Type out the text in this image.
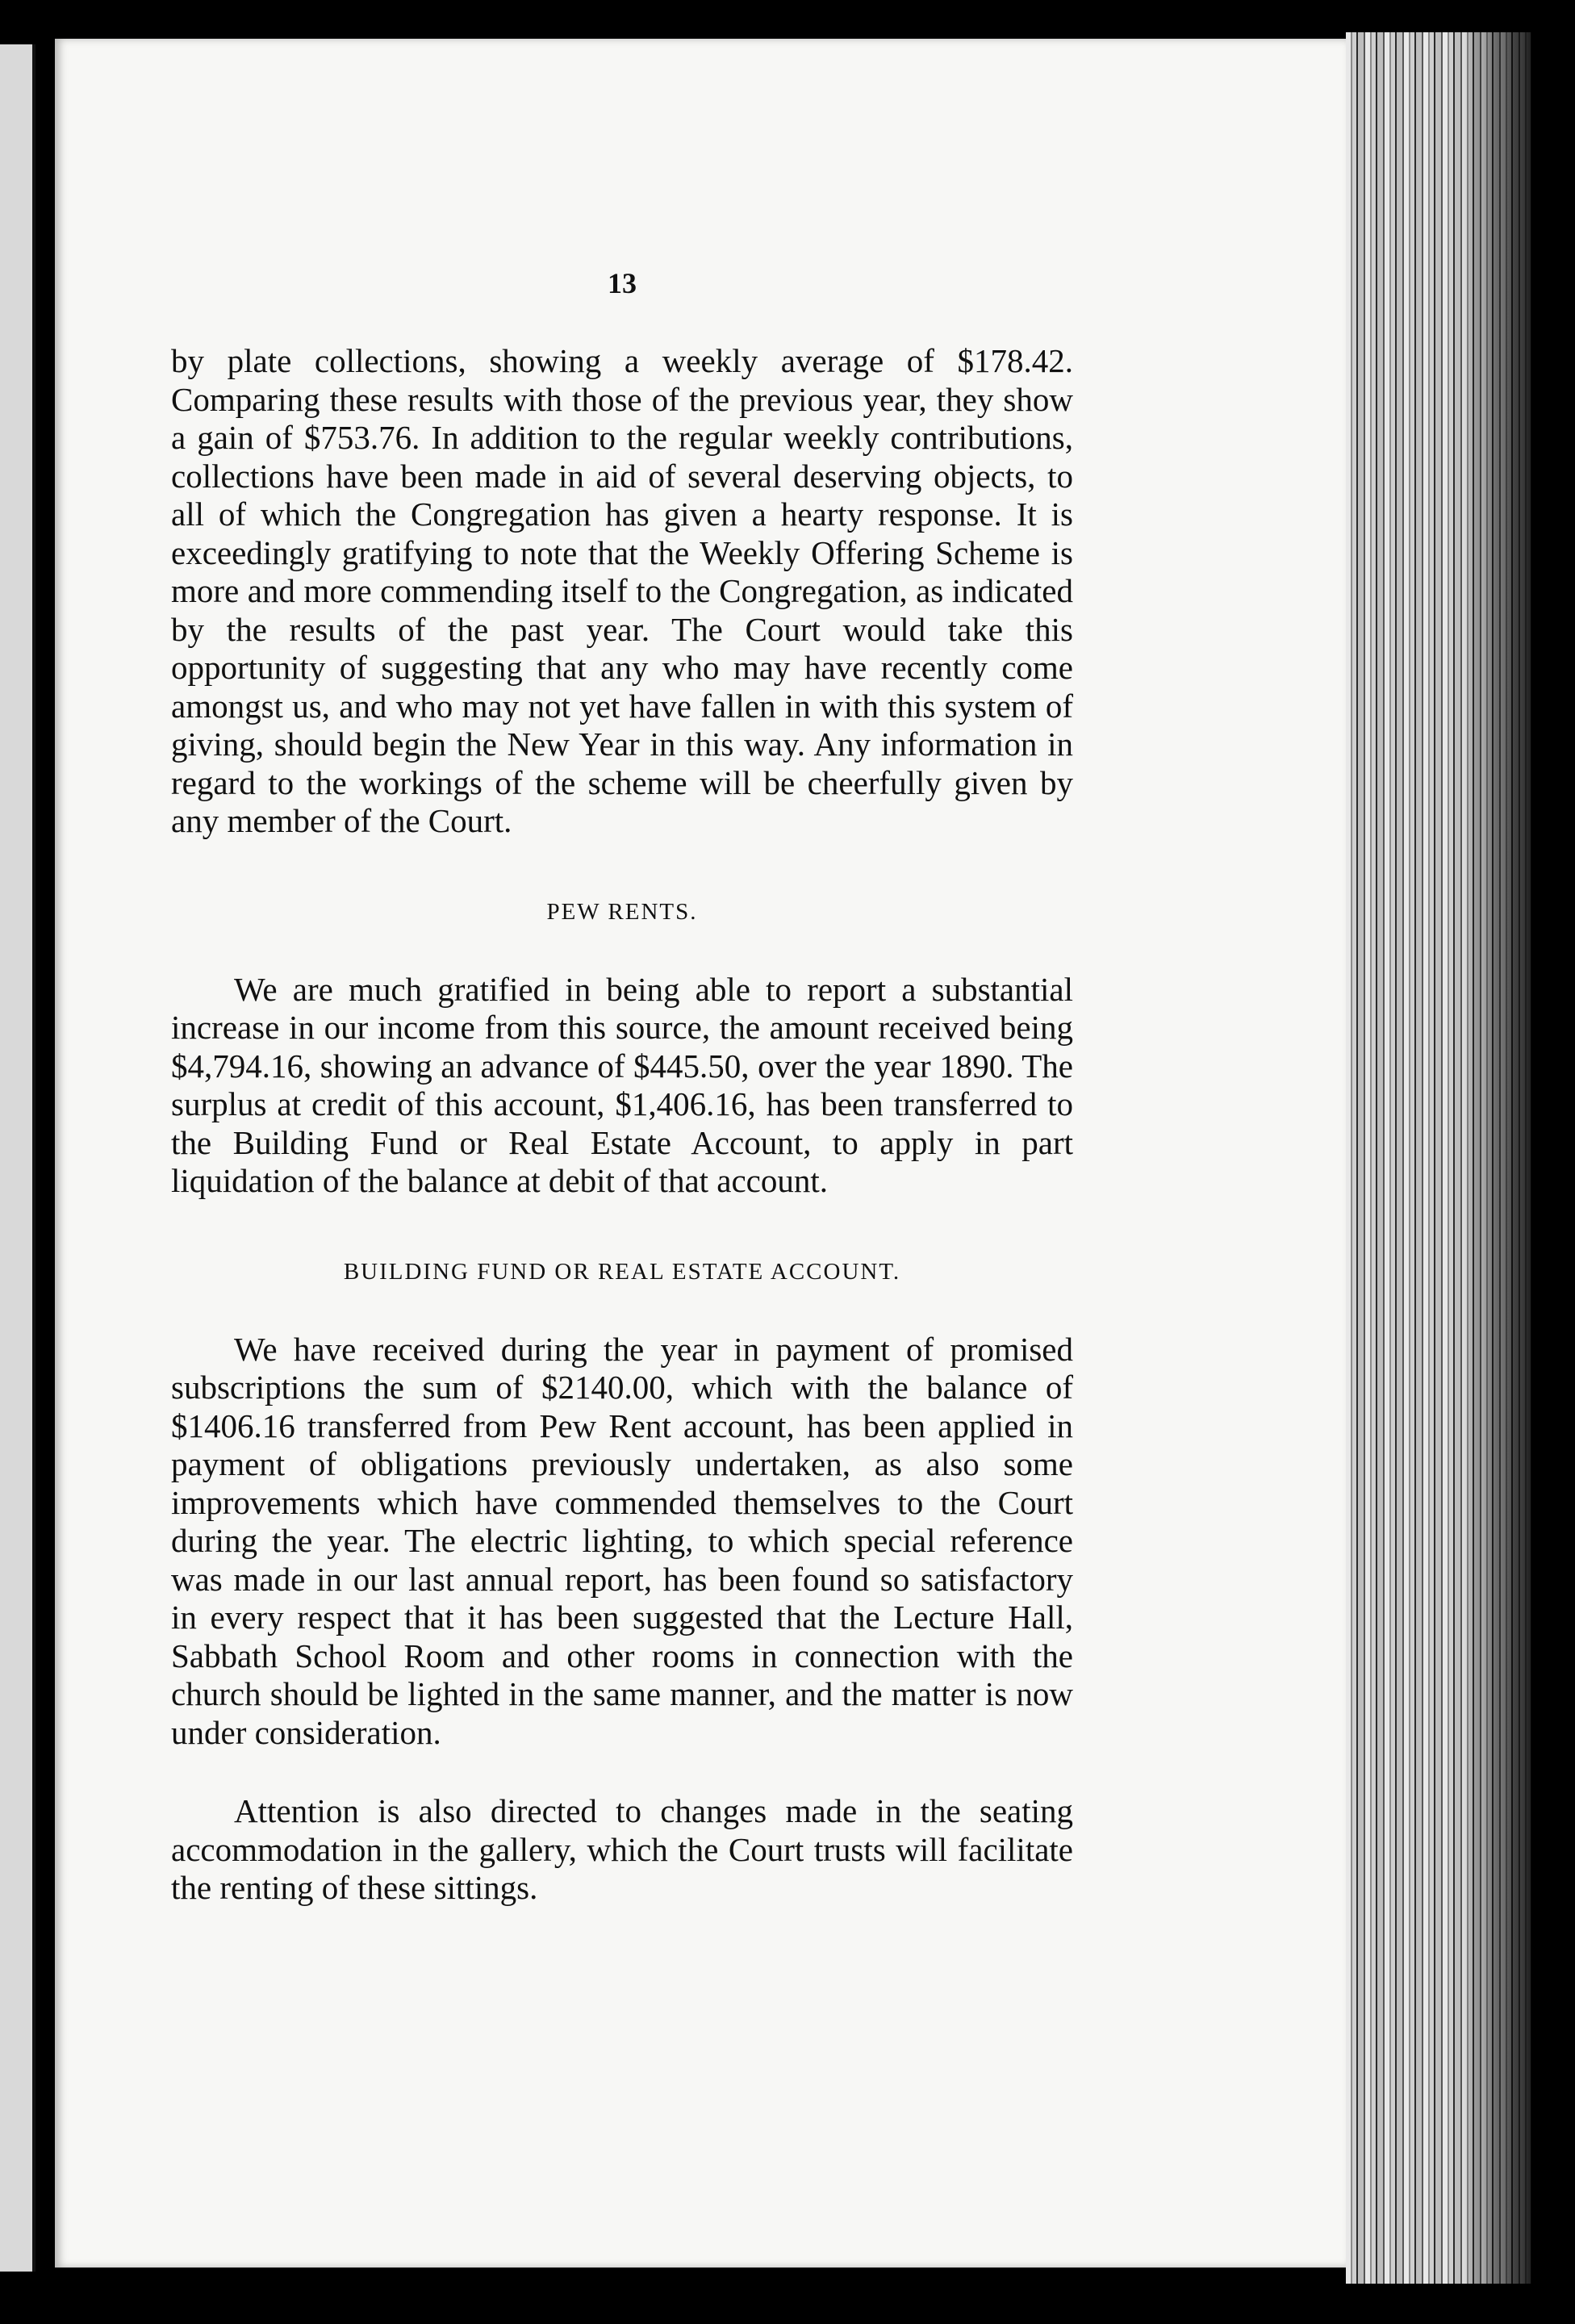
13

by plate collections, showing a weekly average of $178.42. Comparing these results with those of the previous year, they show a gain of $753.76. In addition to the regular weekly contributions, collections have been made in aid of several deserving objects, to all of which the Congregation has given a hearty response. It is exceedingly gratifying to note that the Weekly Offering Scheme is more and more commending itself to the Congregation, as indicated by the results of the past year. The Court would take this opportunity of suggesting that any who may have recently come amongst us, and who may not yet have fallen in with this system of giving, should begin the New Year in this way. Any information in regard to the workings of the scheme will be cheerfully given by any member of the Court.

PEW RENTS.

We are much gratified in being able to report a substantial increase in our income from this source, the amount received being $4,794.16, showing an advance of $445.50, over the year 1890. The surplus at credit of this account, $1,406.16, has been transferred to the Building Fund or Real Estate Account, to apply in part liquidation of the balance at debit of that account.

BUILDING FUND OR REAL ESTATE ACCOUNT.

We have received during the year in payment of promised subscriptions the sum of $2140.00, which with the balance of $1406.16 transferred from Pew Rent account, has been applied in payment of obligations previously undertaken, as also some improvements which have commended themselves to the Court during the year. The electric lighting, to which special reference was made in our last annual report, has been found so satisfactory in every respect that it has been suggested that the Lecture Hall, Sabbath School Room and other rooms in connection with the church should be lighted in the same manner, and the matter is now under consideration.

Attention is also directed to changes made in the seating accommodation in the gallery, which the Court trusts will facilitate the renting of these sittings.
